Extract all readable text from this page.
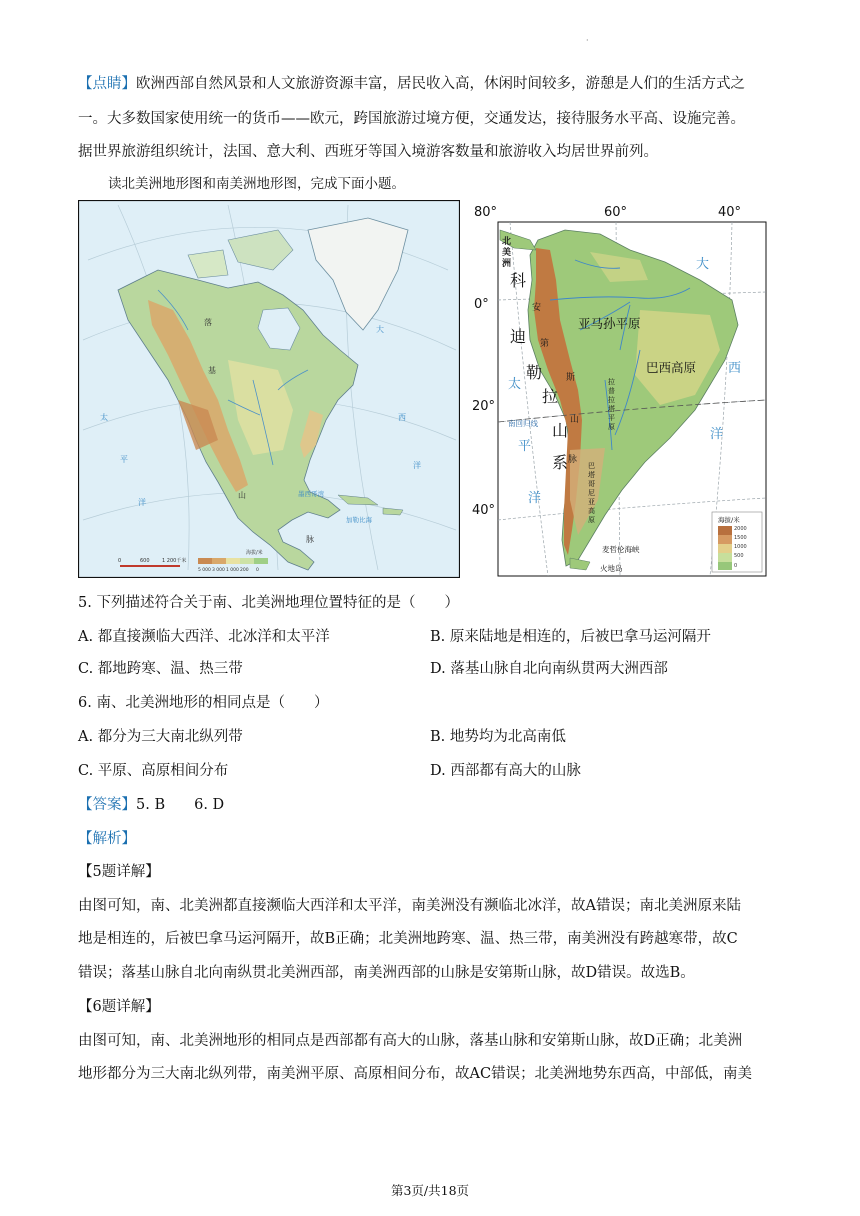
·
【点睛】欧洲西部自然风景和人文旅游资源丰富，居民收入高，休闲时间较多，游憩是人们的生活方式之
一。大多数国家使用统一的货币——欧元，跨国旅游过境方便，交通发达，接待服务水平高、设施完善。
据世界旅游组织统计，法国、意大利、西班牙等国入境游客数量和旅游收入均居世界前列。
读北美洲地形图和南美洲地形图，完成下面小题。
落
基
山
脉
太
平
洋
大
西
洋
墨西哥湾
加勒比海
0	600 1 200千米
海拔/米
5 000 3 000 1 000 200 0
80°	60°	40°
0°
20°
40°
南回归线
北
美
洲
科
迪
勒
拉
山
系
安
第
斯
山
脉
亚马孙平原
巴西高原
拉
普
拉
塔
平
原
巴
塔
哥
尼
亚
高
原
太
平
洋
大
西
洋
麦哲伦海峡
火地岛
海拔/米
2000
1500
1000
500
0
5. 下列描述符合关于南、北美洲地理位置特征的是（　　）
A. 都直接濒临大西洋、北冰洋和太平洋	B. 原来陆地是相连的，后被巴拿马运河隔开
C. 都地跨寒、温、热三带	D. 落基山脉自北向南纵贯两大洲西部
6. 南、北美洲地形的相同点是（　　）
A. 都分为三大南北纵列带	B. 地势均为北高南低
C. 平原、高原相间分布	D. 西部都有高大的山脉
【答案】5. B　　6. D
【解析】
【5题详解】
由图可知，南、北美洲都直接濒临大西洋和太平洋，南美洲没有濒临北冰洋，故A错误；南北美洲原来陆
地是相连的，后被巴拿马运河隔开，故B正确；北美洲地跨寒、温、热三带，南美洲没有跨越寒带，故C
错误；落基山脉自北向南纵贯北美洲西部，南美洲西部的山脉是安第斯山脉，故D错误。故选B。
【6题详解】
由图可知，南、北美洲地形的相同点是西部都有高大的山脉，落基山脉和安第斯山脉，故D正确；北美洲
地形都分为三大南北纵列带，南美洲平原、高原相间分布，故AC错误；北美洲地势东西高，中部低，南美
第3页/共18页
